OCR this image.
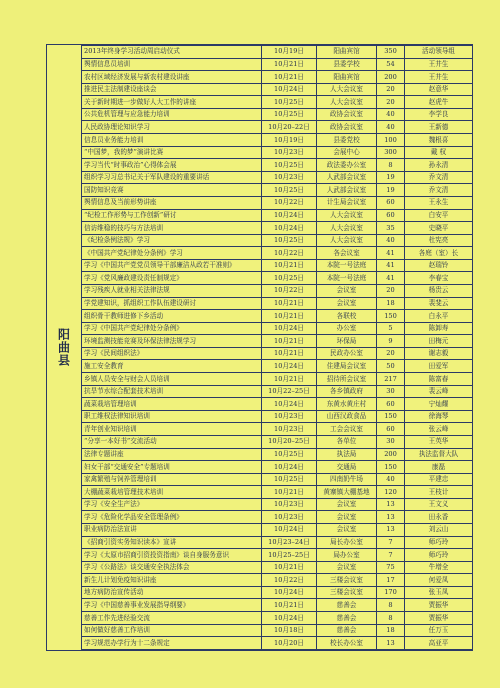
阳曲县
2013年终身学习活动周启动仪式	10月19日	阳曲宾馆	350	活动领导组
舆情信息员培训	10月21日	县委学校	54	王井生
农村区域经济发展与新农村建设讲座	10月21日	阳曲宾馆	200	王井生
推进民主法制建设座谈会	10月24日	人大会议室	20	赵意华
关于新时期进一步做好人大工作的讲座	10月25日	人大会议室	20	赵虎牛
公共危机管理与应急能力培训	10月25日	政协会议室	40	李学良
人民政协理论知识学习	10月20–22日	政协会议室	40	王新德
信息员业务能力培训	10月19日	县委党校	100	魏根喜
“中国梦，我的梦”演讲比赛	10月23日	会展中心	300	戴 权
学习当代“时事政治”心得体会展	10月25日	政法委办公室	8	孙永清
组织学习习总书记关于军队建设的重要讲话	10月23日	人武部会议室	19	乔文清
国防知识竞赛	10月25日	人武部会议室	19	乔文清
舆情信息及当前形势讲座	10月22日	计生局会议室	60	王永生
“纪检工作形势与工作创新”研讨	10月24日	人大会议室	60	白安平
信访维稳的技巧与方法培训	10月24日	人大会议室	35	史晓平
《纪检条例法规》学习	10月25日	人大会议室	40	杜宪亮
《中国共产党纪律处分条例》学习	10月22日	各会议室	41	各庭（室）长
学习《中国共产党党员领导干部廉洁从政若干准则》	10月21日	本院一号法庭	41	赵瑞铃
学习《党风廉政建设责任制规定》	10月25日	本院一号法庭	41	李春宝
学习残疾人就业相关法律法规	10月22日	会议室	20	杨贵云
学党建知识，抓组织工作队伍建设研讨	10月21日	会议室	18	裴斐云
组织骨干教师进修下乡活动	10月21日	各联校	150	白永平
学习《中国共产党纪律处分条例》	10月24日	办公室	5	陈卸寿
环境监测技能竞赛及环保法律法规学习	10月21日	环保局	9	田梅元
学习《民间组织法》	10月21日	民政办公室	20	谢志毅
施工安全教育	10月24日	住建局会议室	50	田爱军
乡镇人员安全与财会人员培训	10月21日	招待所会议室	217	陈富春
抗旱节水综合配套技术培训	10月22–25日	各乡镇政府	30	裴云峰
蔬菜栽培管理培训	10月24日	东黄水黄庄村	60	宁灿耀
职工维权法律知识培训	10月23日	山西汉政食品	150	徐海琴
青年创业知识培训	10月23日	工会会议室	60	张云峰
“分享一本好书”交流活动	10月20–25日	各单位	30	王英华
法律专题讲座	10月25日	执法局	200	执法监督大队
妇女干部“交通安全”专题培训	10月24日	交通局	150	康磊
家禽繁殖与饲养管理培训	10月25日	四南奶牛场	40	平建忠
大棚蔬菜栽培管理技术培训	10月21日	黄寨镇大棚基地	120	王枝计
学习《安全生产法》	10月23日	会议室	13	王文义
学习《危险化学品安全管理条例》	10月23日	会议室	13	田永香
职业病防治法宣讲	10月24日	会议室	13	刘云山
《招商引资实务知识读本》宣讲	10月23–24日	局长办公室	7	师巧玲
学习《太原市招商引资投资指南》谈自身服务意识	10月25–25日	局办公室	7	师巧玲
学习《公路法》谈交通安全执法体会	10月21日	会议室	75	牛增全
新生儿计划免疫知识讲座	10月22日	三楼会议室	17	何爱凤
地方病防治宣传活动	10月24日	三楼会议室	170	张玉凤
学习《中国慈善事业发展指导纲要》	10月21日	慈善会	8	贾振华
慈善工作先进经验交流	10月24日	慈善会	8	贾振华
如何做好慈善工作培训	10月18日	慈善会	18	任万玉
学习规范办学行为十二条规定	10月20日	校长办公室	13	高亚平
